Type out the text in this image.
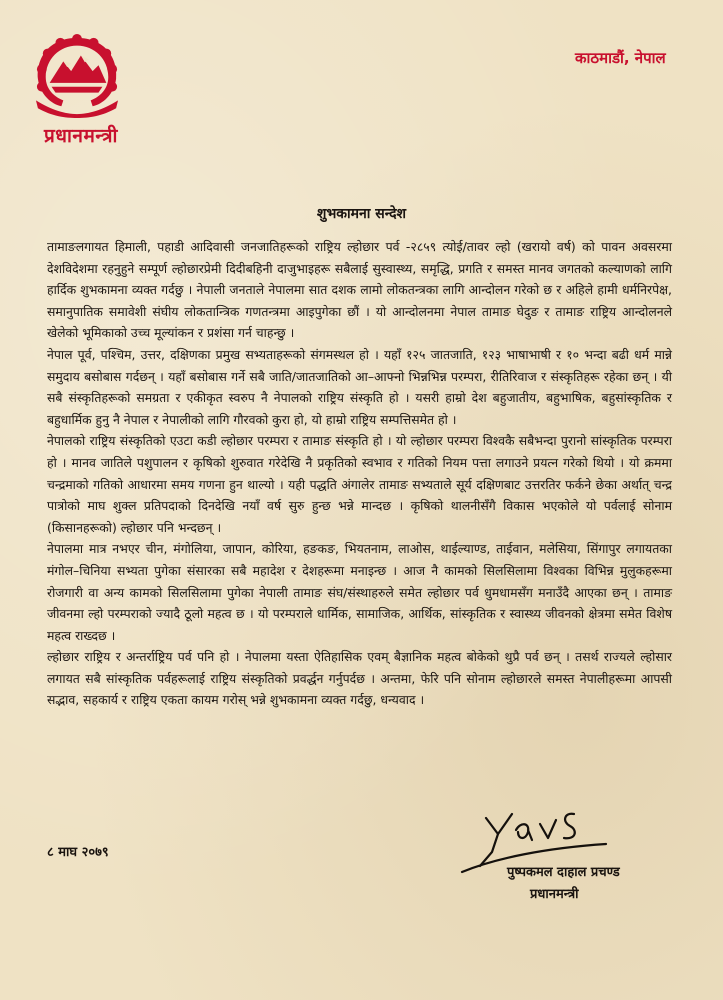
प्रधानमन्त्री
काठमाडौं, नेपाल
शुभकामना सन्देश

तामाङलगायत हिमाली, पहाडी आदिवासी जनजातिहरूको राष्ट्रिय ल्होछार पर्व -२८५९ त्योई/तावर ल्हो (खरायो वर्ष) को पावन अवसरमा देशविदेशमा रहनुहुने सम्पूर्ण ल्होछारप्रेमी दिदीबहिनी दाजुभाइहरू सबैलाई सुस्वास्थ्य, समृद्धि, प्रगति र समस्त मानव जगतको कल्याणको लागि हार्दिक शुभकामना व्यक्त गर्दछु । नेपाली जनताले नेपालमा सात दशक लामो लोकतन्त्रका लागि आन्दोलन गरेको छ र अहिले हामी धर्मनिरपेक्ष, समानुपातिक समावेशी संघीय लोकतान्त्रिक गणतन्त्रमा आइपुगेका छौं । यो आन्दोलनमा नेपाल तामाङ घेदुङ र तामाङ राष्ट्रिय आन्दोलनले खेलेको भूमिकाको उच्च मूल्यांकन र प्रशंसा गर्न चाहन्छु ।

नेपाल पूर्व, पश्चिम, उत्तर, दक्षिणका प्रमुख सभ्यताहरूको संगमस्थल हो । यहाँ १२५ जातजाति, १२३ भाषाभाषी र १० भन्दा बढी धर्म मान्ने समुदाय बसोबास गर्दछन् । यहाँ बसोबास गर्ने सबै जाति/जातजातिको आ–आफ्नो भिन्नभिन्न परम्परा, रीतिरिवाज र संस्कृतिहरू रहेका छन् । यी सबै संस्कृतिहरूको समग्रता र एकीकृत स्वरुप नै नेपालको राष्ट्रिय संस्कृति हो । यसरी हाम्रो देश बहुजातीय, बहुभाषिक, बहुसांस्कृतिक र बहुधार्मिक हुनु नै नेपाल र नेपालीको लागि गौरवको कुरा हो, यो हाम्रो राष्ट्रिय सम्पत्तिसमेत हो ।

नेपालको राष्ट्रिय संस्कृतिको एउटा कडी ल्होछार परम्परा र तामाङ संस्कृति हो । यो ल्होछार परम्परा विश्वकै सबैभन्दा पुरानो सांस्कृतिक परम्परा हो । मानव जातिले पशुपालन र कृषिको शुरुवात गरेदेखि नै प्रकृतिको स्वभाव र गतिको नियम पत्ता लगाउने प्रयत्न गरेको थियो । यो क्रममा चन्द्रमाको गतिको आधारमा समय गणना हुन थाल्यो । यही पद्धति अंगालेर तामाङ सभ्यताले सूर्य दक्षिणबाट उत्तरतिर फर्कने छेका अर्थात् चन्द्र पात्रोको माघ शुक्ल प्रतिपदाको दिनदेखि नयाँ वर्ष सुरु हुन्छ भन्ने मान्दछ । कृषिको थालनीसँगै विकास भएकोले यो पर्वलाई सोनाम (किसानहरूको) ल्होछार पनि भन्दछन् ।

नेपालमा मात्र नभएर चीन, मंगोलिया, जापान, कोरिया, हङकङ, भियतनाम, लाओस, थाईल्याण्ड, ताईवान, मलेसिया, सिंगापुर लगायतका मंगोल–चिनिया सभ्यता पुगेका संसारका सबै महादेश र देशहरूमा मनाइन्छ । आज नै कामको सिलसिलामा विश्वका विभिन्न मुलुकहरूमा रोजगारी वा अन्य कामको सिलसिलामा पुगेका नेपाली तामाङ संघ/संस्थाहरुले समेत ल्होछार पर्व धुमधामसँग मनाउँदै आएका छन् । तामाङ जीवनमा ल्हो परम्पराको ज्यादै ठूलो महत्व छ । यो परम्पराले धार्मिक, सामाजिक, आर्थिक, सांस्कृतिक र स्वास्थ्य जीवनको क्षेत्रमा समेत विशेष महत्व राख्दछ ।

ल्होछार राष्ट्रिय र अन्तर्राष्ट्रिय पर्व पनि हो । नेपालमा यस्ता ऐतिहासिक एवम् बैज्ञानिक महत्व बोकेको थुप्रै पर्व छन् । तसर्थ राज्यले ल्होसार लगायत सबै सांस्कृतिक पर्वहरूलाई राष्ट्रिय संस्कृतिको प्रवर्द्धन गर्नुपर्दछ । अन्तमा, फेरि पनि सोनाम ल्होछारले समस्त नेपालीहरूमा आपसी सद्भाव, सहकार्य र राष्ट्रिय एकता कायम गरोस् भन्ने शुभकामना व्यक्त गर्दछु, धन्यवाद ।

८ माघ २०७९
पुष्पकमल दाहाल प्रचण्ड
प्रधानमन्त्री
